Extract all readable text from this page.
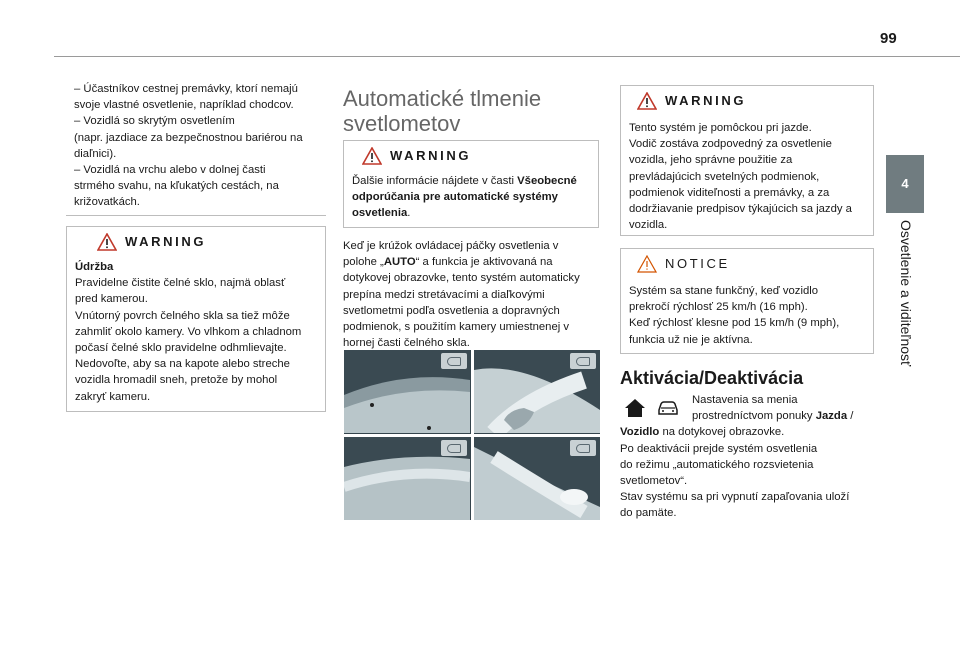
99
4
Osvetlenie a viditeľnosť
– Účastníkov cestnej premávky, ktorí nemajú
svoje vlastné osvetlenie, napríklad chodcov.
– Vozidlá so skrytým osvetlením
(napr. jazdiace za bezpečnostnou bariérou na
diaľnici).
– Vozidlá na vrchu alebo v dolnej časti
strmého svahu, na kľukatých cestách, na
križovatkách.
WARNING
Údržba
Pravidelne čistite čelné sklo, najmä oblasť
pred kamerou.
Vnútorný povrch čelného skla sa tiež môže
zahmliť okolo kamery. Vo vlhkom a chladnom
počasí čelné sklo pravidelne odhmlievajte.
Nedovoľte, aby sa na kapote alebo streche
vozidla hromadil sneh, pretože by mohol
zakryť kameru.
Automatické tlmenie
svetlometov
WARNING
Ďalšie informácie nájdete v časti Všeobecné
odporúčania pre automatické systémy
osvetlenia.
Keď je krúžok ovládacej páčky osvetlenia v
polohe „AUTO“ a funkcia je aktivovaná na
dotykovej obrazovke, tento systém automaticky
prepína medzi stretávacími a diaľkovými
svetlometmi podľa osvetlenia a dopravných
podmienok, s použitím kamery umiestnenej v
hornej časti čelného skla.
WARNING
Tento systém je pomôckou pri jazde.
Vodič zostáva zodpovedný za osvetlenie
vozidla, jeho správne použitie za
prevládajúcich svetelných podmienok,
podmienok viditeľnosti a premávky, a za
dodržiavanie predpisov týkajúcich sa jazdy a
vozidla.
NOTICE
Systém sa stane funkčný, keď vozidlo
prekročí rýchlosť 25 km/h (16 mph).
Keď rýchlosť klesne pod 15 km/h (9 mph),
funkcia už nie je aktívna.
Aktivácia/Deaktivácia
Nastavenia sa menia
prostredníctvom ponuky Jazda /
Vozidlo na dotykovej obrazovke.
Po deaktivácii prejde systém osvetlenia
do režimu „automatického rozsvietenia
svetlometov“.
Stav systému sa pri vypnutí zapaľovania uloží
do pamäte.
